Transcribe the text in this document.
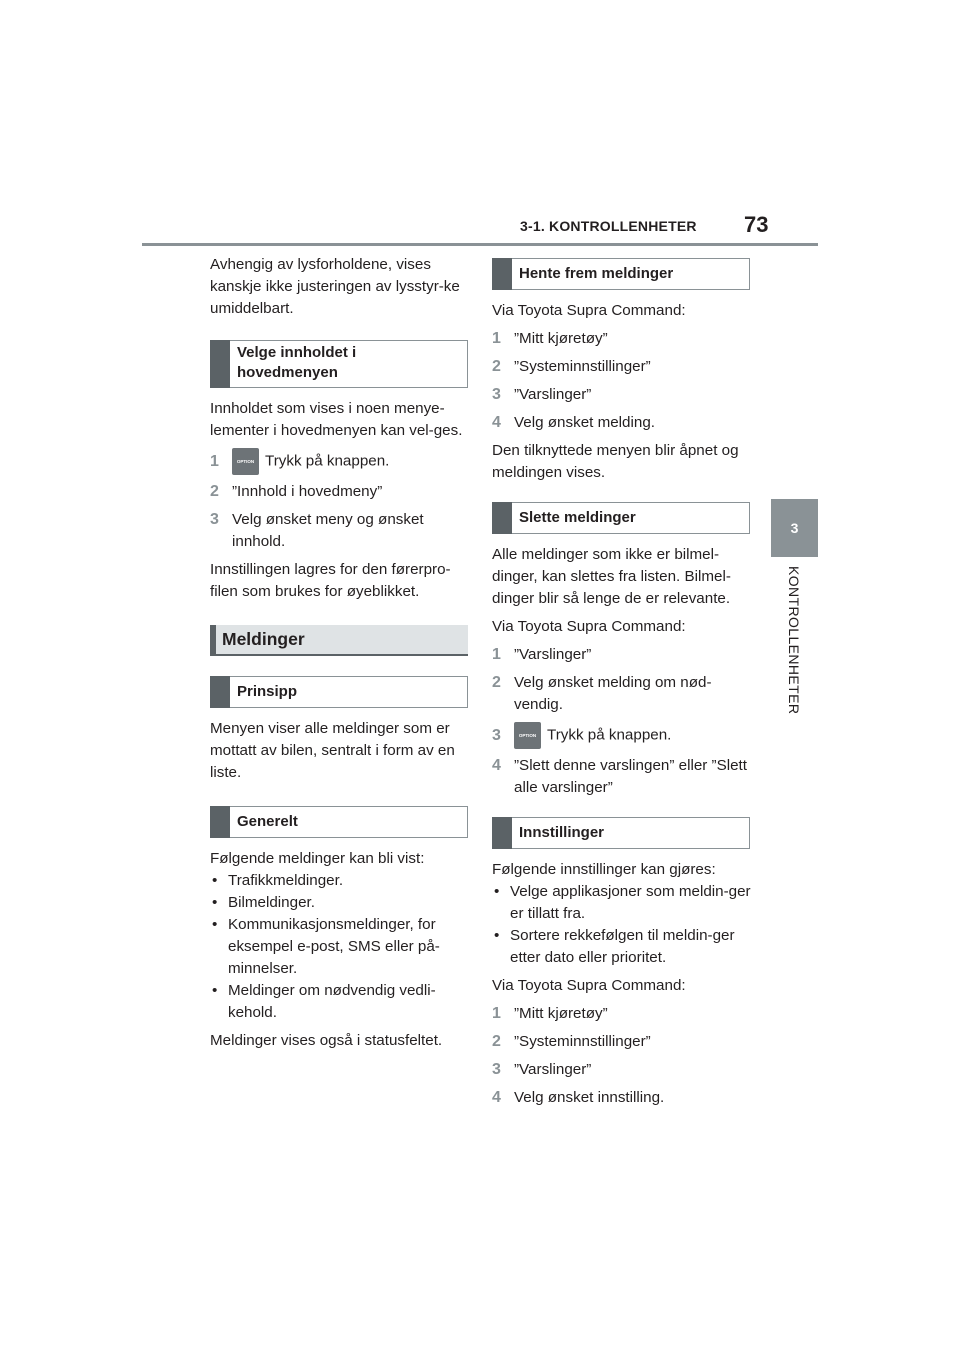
3-1. KONTROLLENHETER 73
3
KONTROLLENHETER

Avhengig av lysforholdene, vises kanskje ikke justeringen av lysstyr-ke umiddelbart.

Velge innholdet i hovedmenyen

Innholdet som vises i noen menye-lementer i hovedmenyen kan vel-ges.

1	OPTION Trykk på knappen.
2 ”Innhold i hovedmeny”
3 Velg ønsket meny og ønsket innhold.

Innstillingen lagres for den førerpro-filen som brukes for øyeblikket.

Meldinger
Prinsipp

Menyen viser alle meldinger som er mottatt av bilen, sentralt i form av en liste.

Generelt

Følgende meldinger kan bli vist:

• Trafikkmeldinger.
• Bilmeldinger.
• Kommunikasjonsmeldinger, for eksempel e-post, SMS eller på-minnelser.
• Meldinger om nødvendig vedli-kehold.

Meldinger vises også i statusfeltet.

Hente frem meldinger

Via Toyota Supra Command:

1 ”Mitt kjøretøy”
2 ”Systeminnstillinger”
3 ”Varslinger”
4 Velg ønsket melding.

Den tilknyttede menyen blir åpnet og meldingen vises.

Slette meldinger

Alle meldinger som ikke er bilmel-dinger, kan slettes fra listen. Bilmel-dinger blir så lenge de er relevante.

Via Toyota Supra Command:

1 ”Varslinger”
2 Velg ønsket melding om nød-vendig.
3	OPTION Trykk på knappen.
4 ”Slett denne varslingen” eller ”Slett alle varslinger”
Innstillinger

Følgende innstillinger kan gjøres:

• Velge applikasjoner som meldin-ger er tillatt fra.
• Sortere rekkefølgen til meldin-ger etter dato eller prioritet.

Via Toyota Supra Command:

1 ”Mitt kjøretøy”
2 ”Systeminnstillinger”
3 ”Varslinger”
4 Velg ønsket innstilling.
